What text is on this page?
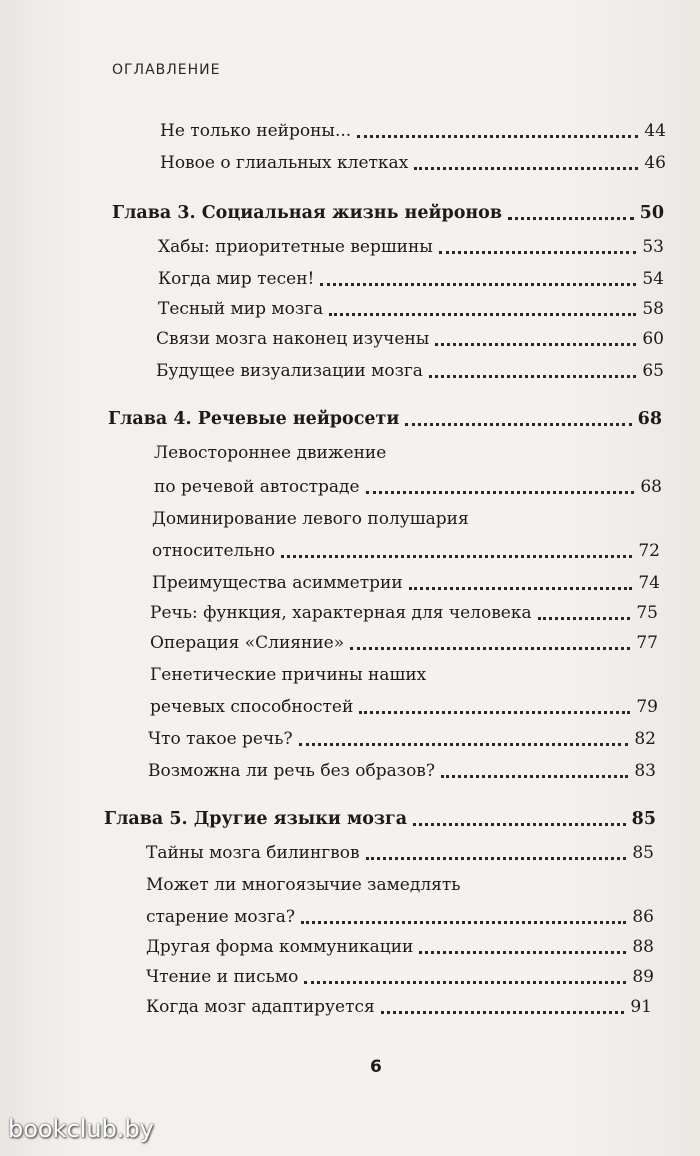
ОГЛАВЛЕНИЕ
Не только нейроны...	44
Новое о глиальных клетках	46
Глава 3. Социальная жизнь нейронов	50
Хабы: приоритетные вершины	53
Когда мир тесен!	54
Тесный мир мозга	58
Связи мозга наконец изучены	60
Будущее визуализации мозга	65
Глава 4. Речевые нейросети	68
Левостороннее движение
по речевой автостраде	68
Доминирование левого полушария
относительно	72
Преимущества асимметрии	74
Речь: функция, характерная для человека	75
Операция «Слияние»	77
Генетические причины наших
речевых способностей	79
Что такое речь?	82
Возможна ли речь без образов?	83
Глава 5. Другие языки мозга	85
Тайны мозга билингвов	85
Может ли многоязычие замедлять
старение мозга?	86
Другая форма коммуникации	88
Чтение и письмо	89
Когда мозг адаптируется	91
6
bookclub.by
